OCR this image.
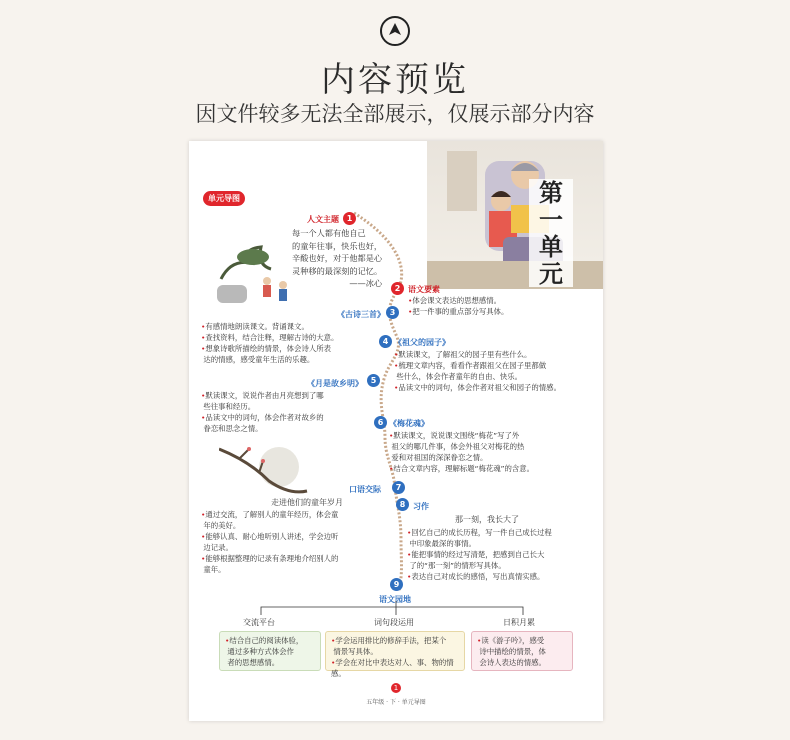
内容预览
因文件较多无法全部展示，仅展示部分内容
单元导图	第
一
单
元
人文主题 1
每一个人都有他自己
的童年往事，快乐也好，
辛酸也好，对于他都是心
灵种移的最深刻的记忆。
——冰心
2 语文要素
•体会课文表达的思想感情。
•把一件事的重点部分写具体。
《古诗三首》 3
•有感情地朗读课文。背诵课文。
•查找资料，结合注释，理解古诗的大意。
•想象诗歌所描绘的情景，体会诗人所表
达的情感，感受童年生活的乐趣。
4 《祖父的园子》
•默读课文，了解祖父的园子里有些什么。
•梳理文章内容，看看作者跟祖父在园子里都做
些什么，体会作者童年的自由、快乐。
•品读文中的词句，体会作者对祖父和园子的情感。
《月是故乡明》 5
•默读课文，说说作者由月亮想到了哪
些往事和经历。
•品读文中的词句，体会作者对故乡的
眷恋和思念之情。
6 《梅花魂》
•默读课文，说说课文围绕“梅花”写了外
祖父的哪几件事，体会外祖父对梅花的热
爱和对祖国的深深眷恋之情。
•结合文章内容，理解标题“梅花魂”的含意。
口语交际	7
走进他们的童年岁月
•通过交流，了解别人的童年经历，体会童
年的美好。
•能够认真、耐心地听别人讲述，学会边听
边记录。
•能够根据整理的记录有条理地介绍别人的
童年。
8 习作
那一刻，我长大了
•回忆自己的成长历程，写一件自己成长过程
中印象最深的事情。
•能把事情的经过写清楚，把感到自己长大
了的“那一刻”的情形写具体。
•表达自己对成长的感悟，写出真情实感。
9
语文园地
交流平台	词句段运用	日积月累
•结合自己的阅读体验，
通过多种方式体会作
者的思想感情。
•学会运用排比的修辞手法，把某个
情景写具体。
•学会在对比中表达对人、事、物的情感。
•读《游子吟》，感受
诗中描绘的情景，体
会诗人表达的情感。
1
五年级 · 下 · 单元导图
